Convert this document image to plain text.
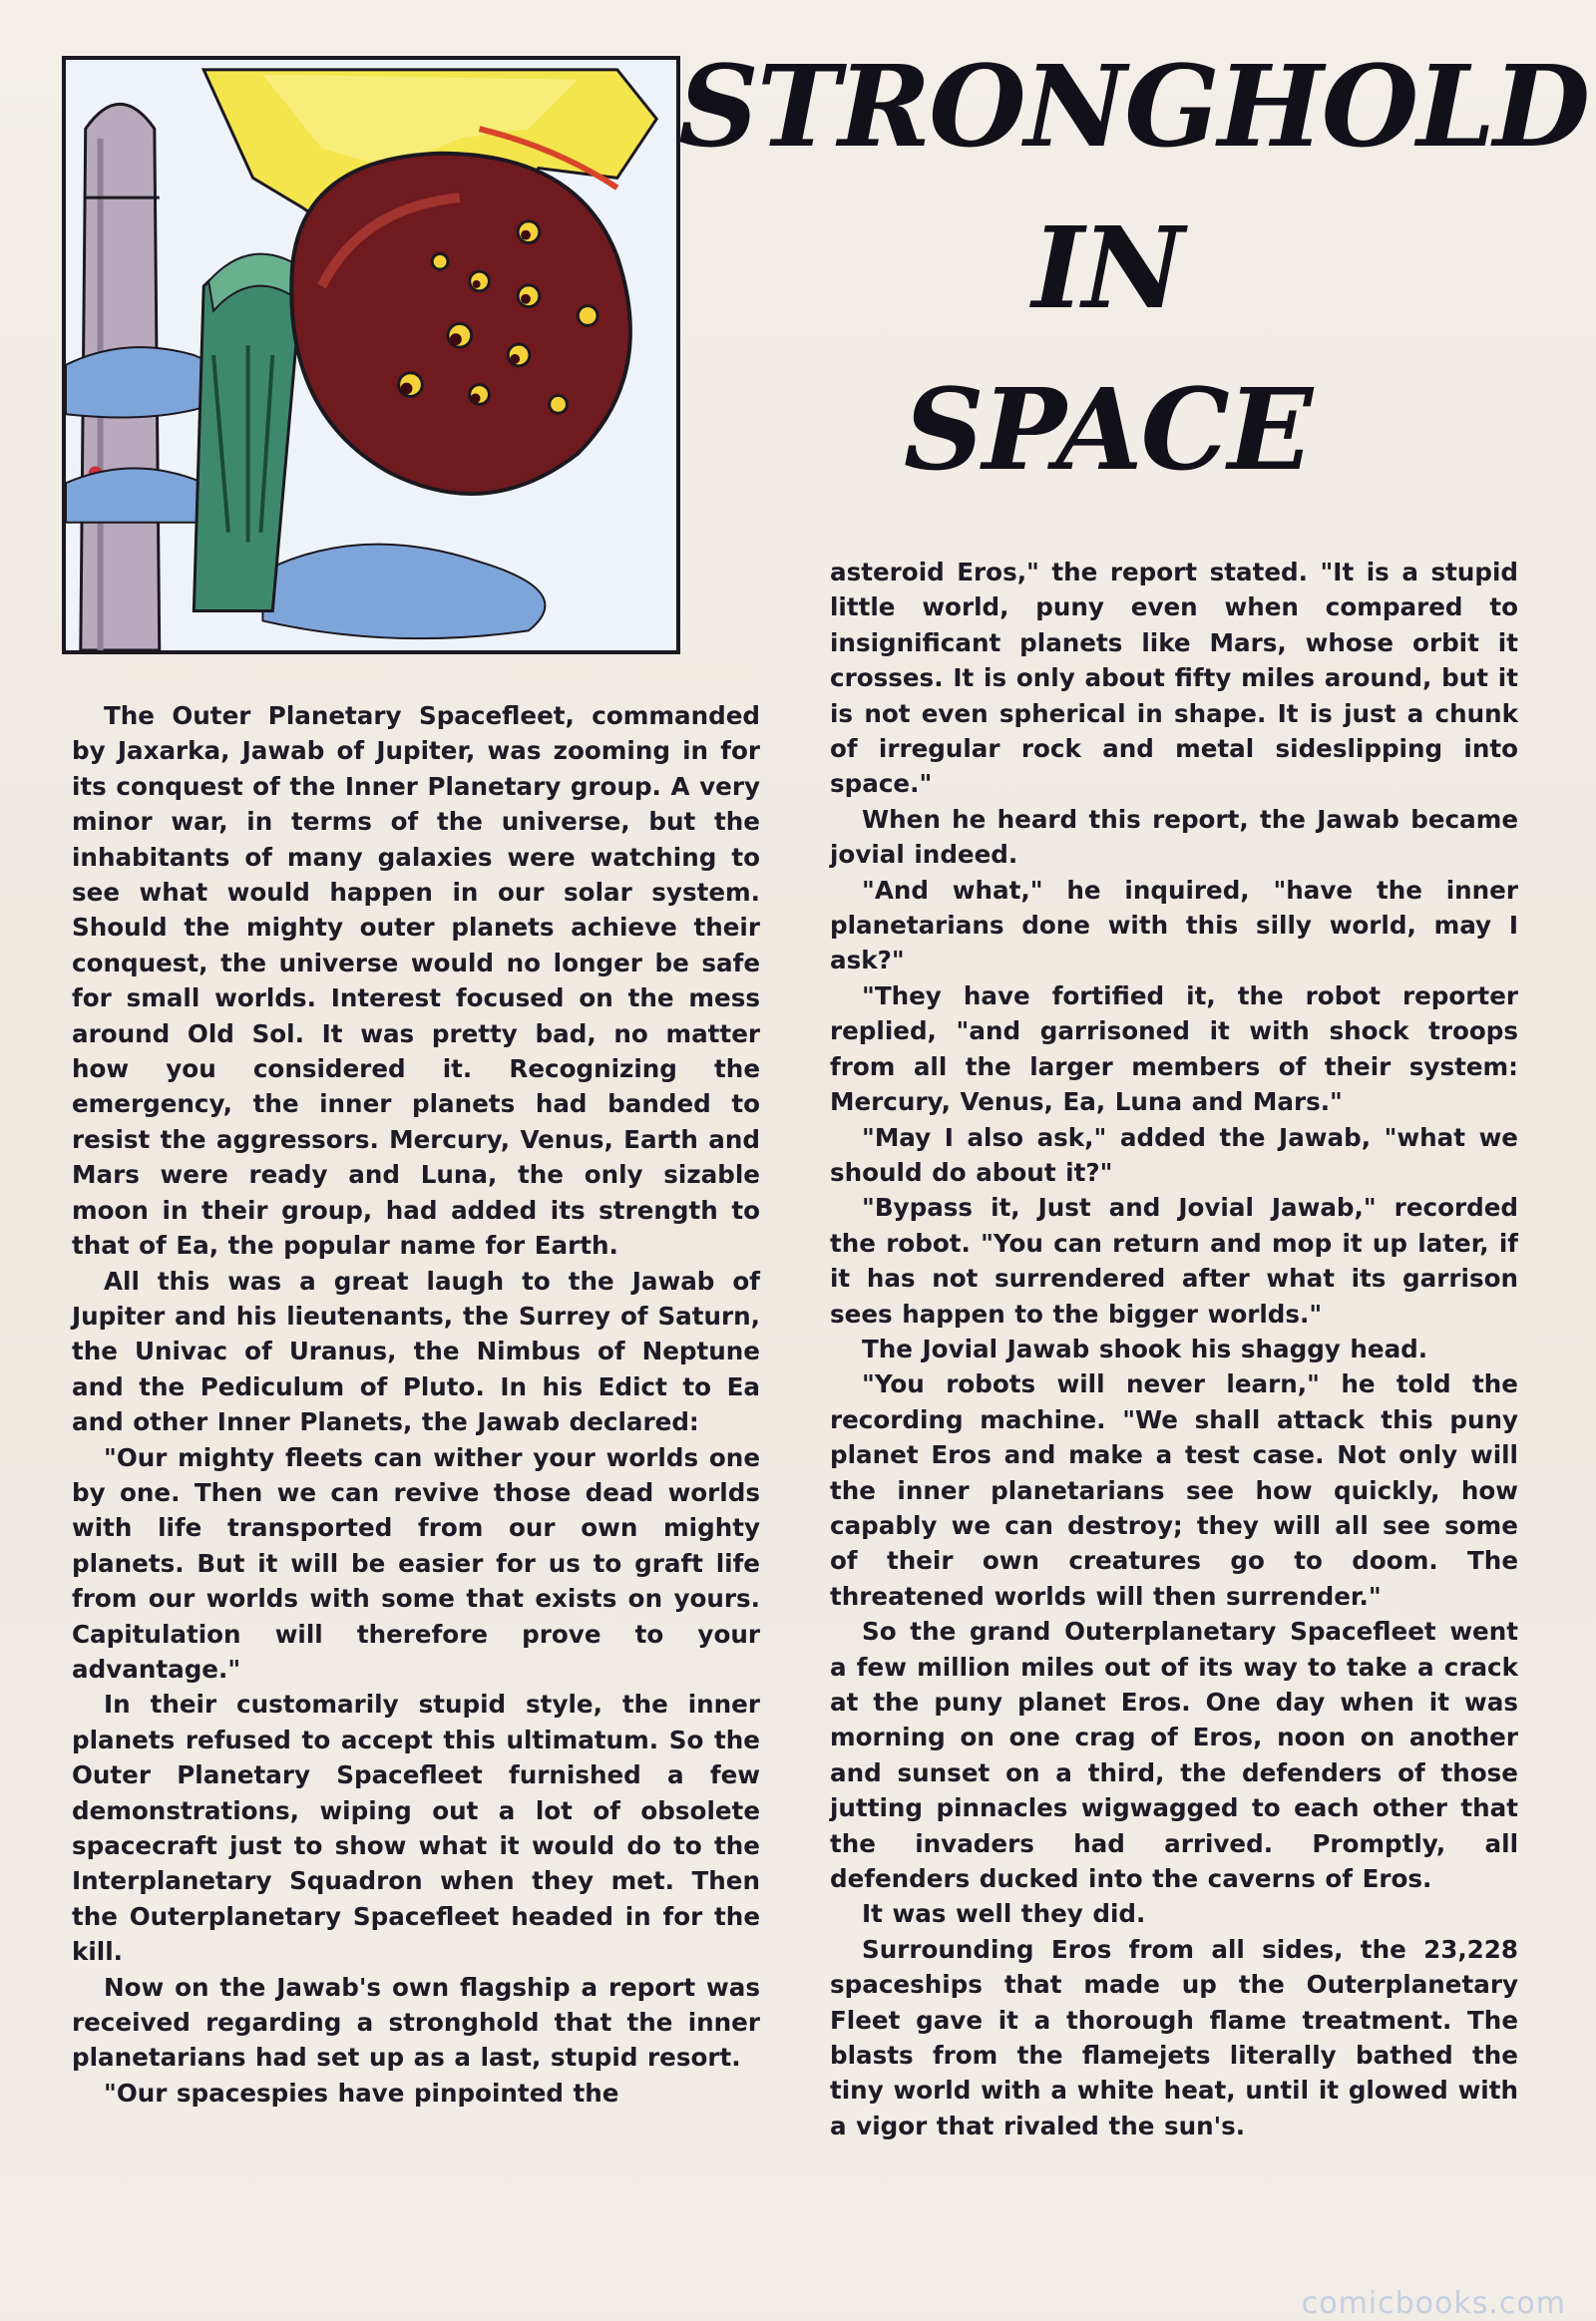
STRONGHOLD
IN
SPACE

The Outer Planetary Spacefleet, commanded by Jaxarka, Jawab of Jupiter, was zooming in for its conquest of the Inner Planetary group. A very minor war, in terms of the universe, but the inhabitants of many galaxies were watching to see what would happen in our solar system. Should the mighty outer planets achieve their conquest, the universe would no longer be safe for small worlds. Interest focused on the mess around Old Sol. It was pretty bad, no matter how you considered it. Recognizing the emergency, the inner planets had banded to resist the aggressors. Mercury, Venus, Earth and Mars were ready and Luna, the only sizable moon in their group, had added its strength to that of Ea, the popular name for Earth.

All this was a great laugh to the Jawab of Jupiter and his lieutenants, the Surrey of Saturn, the Univac of Uranus, the Nimbus of Neptune and the Pediculum of Pluto. In his Edict to Ea and other Inner Planets, the Jawab declared:

"Our mighty fleets can wither your worlds one by one. Then we can revive those dead worlds with life transported from our own mighty planets. But it will be easier for us to graft life from our worlds with some that exists on yours. Capitulation will therefore prove to your advantage."

In their customarily stupid style, the inner planets refused to accept this ultimatum. So the Outer Planetary Spacefleet furnished a few demonstrations, wiping out a lot of obsolete spacecraft just to show what it would do to the Interplanetary Squadron when they met. Then the Outerplanetary Spacefleet headed in for the kill.

Now on the Jawab's own flagship a report was received regarding a stronghold that the inner planetarians had set up as a last, stupid resort.

"Our spacespies have pinpointed the

asteroid Eros," the report stated. "It is a stupid little world, puny even when compared to insignificant planets like Mars, whose orbit it crosses. It is only about fifty miles around, but it is not even spherical in shape. It is just a chunk of irregular rock and metal sideslipping into space."

When he heard this report, the Jawab became jovial indeed.

"And what," he inquired, "have the inner planetarians done with this silly world, may I ask?"

"They have fortified it, the robot reporter replied, "and garrisoned it with shock troops from all the larger members of their system: Mercury, Venus, Ea, Luna and Mars."

"May I also ask," added the Jawab, "what we should do about it?"

"Bypass it, Just and Jovial Jawab," recorded the robot. "You can return and mop it up later, if it has not surrendered after what its garrison sees happen to the bigger worlds."

The Jovial Jawab shook his shaggy head.

"You robots will never learn," he told the recording machine. "We shall attack this puny planet Eros and make a test case. Not only will the inner planetarians see how quickly, how capably we can destroy; they will all see some of their own creatures go to doom. The threatened worlds will then surrender."

So the grand Outerplanetary Spacefleet went a few million miles out of its way to take a crack at the puny planet Eros. One day when it was morning on one crag of Eros, noon on another and sunset on a third, the defenders of those jutting pinnacles wigwagged to each other that the invaders had arrived. Promptly, all defenders ducked into the caverns of Eros.

It was well they did.

Surrounding Eros from all sides, the 23,228 spaceships that made up the Outerplanetary Fleet gave it a thorough flame treatment. The blasts from the flamejets literally bathed the tiny world with a white heat, until it glowed with a vigor that rivaled the sun's.

comicbooks.com
